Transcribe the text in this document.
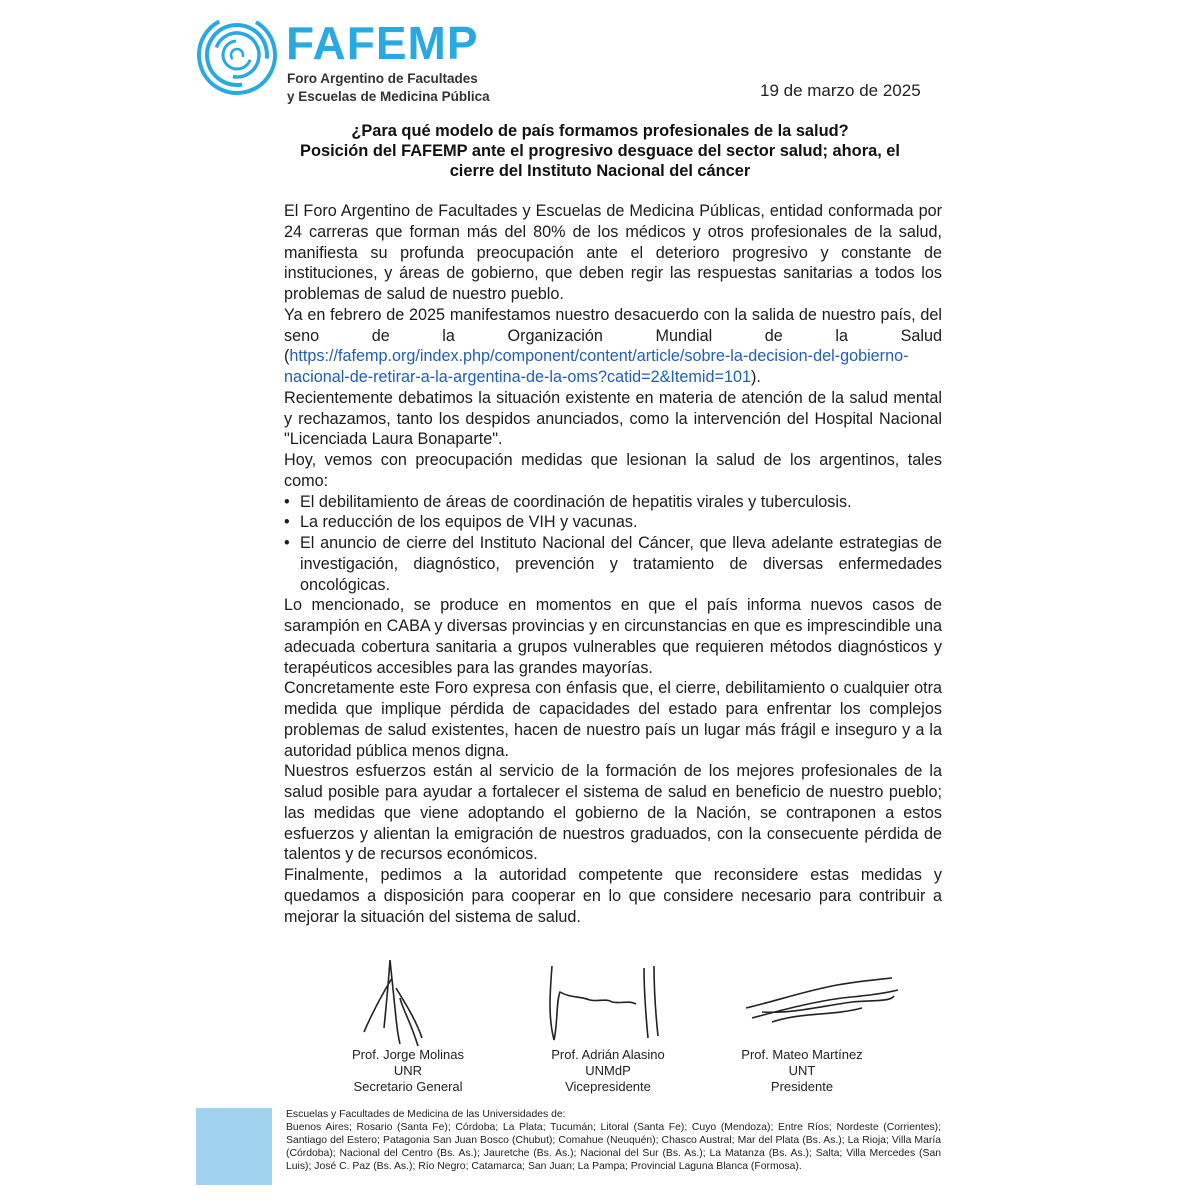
FAFEMP
Foro Argentino de Facultades
y Escuelas de Medicina Pública	19 de marzo de 2025
¿Para qué modelo de país formamos profesionales de la salud?
Posición del FAFEMP ante el progresivo desguace del sector salud; ahora, el
cierre del Instituto Nacional del cáncer

El Foro Argentino de Facultades y Escuelas de Medicina Públicas, entidad conformada por 24 carreras que forman más del 80% de los médicos y otros profesionales de la salud, manifiesta su profunda preocupación ante el deterioro progresivo y constante de instituciones, y áreas de gobierno, que deben regir las respuestas sanitarias a todos los problemas de salud de nuestro pueblo.

Ya en febrero de 2025 manifestamos nuestro desacuerdo con la salida de nuestro país, del seno de la Organización Mundial de la Salud (https://fafemp.org/index.php/component/content/article/sobre-la-decision-del-gobierno-nacional-de-retirar-a-la-argentina-de-la-oms?catid=2&Itemid=101).

Recientemente debatimos la situación existente en materia de atención de la salud mental y rechazamos, tanto los despidos anunciados, como la intervención del Hospital Nacional "Licenciada Laura Bonaparte".

Hoy, vemos con preocupación medidas que lesionan la salud de los argentinos, tales como:

• El debilitamiento de áreas de coordinación de hepatitis virales y tuberculosis.
• La reducción de los equipos de VIH y vacunas.
• El anuncio de cierre del Instituto Nacional del Cáncer, que lleva adelante estrategias de investigación, diagnóstico, prevención y tratamiento de diversas enfermedades oncológicas.

Lo mencionado, se produce en momentos en que el país informa nuevos casos de sarampión en CABA y diversas provincias y en circunstancias en que es imprescindible una adecuada cobertura sanitaria a grupos vulnerables que requieren métodos diagnósticos y terapéuticos accesibles para las grandes mayorías.

Concretamente este Foro expresa con énfasis que, el cierre, debilitamiento o cualquier otra medida que implique pérdida de capacidades del estado para enfrentar los complejos problemas de salud existentes, hacen de nuestro país un lugar más frágil e inseguro y a la autoridad pública menos digna.

Nuestros esfuerzos están al servicio de la formación de los mejores profesionales de la salud posible para ayudar a fortalecer el sistema de salud en beneficio de nuestro pueblo; las medidas que viene adoptando el gobierno de la Nación, se contraponen a estos esfuerzos y alientan la emigración de nuestros graduados, con la consecuente pérdida de talentos y de recursos económicos.

Finalmente, pedimos a la autoridad competente que reconsidere estas medidas y quedamos a disposición para cooperar en lo que considere necesario para contribuir a mejorar la situación del sistema de salud.

Prof. Jorge Molinas
UNR
Secretario General
Prof. Adrián Alasino
UNMdP
Vicepresidente
Prof. Mateo Martínez
UNT
Presidente
Escuelas y Facultades de Medicina de las Universidades de:
Buenos Aires; Rosario (Santa Fe); Córdoba; La Plata; Tucumán; Litoral (Santa Fe); Cuyo (Mendoza); Entre Ríos; Nordeste (Corrientes); Santiago del Estero; Patagonia San Juan Bosco (Chubut); Comahue (Neuquén); Chasco Austral; Mar del Plata (Bs. As.); La Rioja; Villa María (Córdoba); Nacional del Centro (Bs. As.); Jauretche (Bs. As.); Nacional del Sur (Bs. As.); La Matanza (Bs. As.); Salta; Villa Mercedes (San Luis); José C. Paz (Bs. As.); Río Negro; Catamarca; San Juan; La Pampa; Provincial Laguna Blanca (Formosa).
